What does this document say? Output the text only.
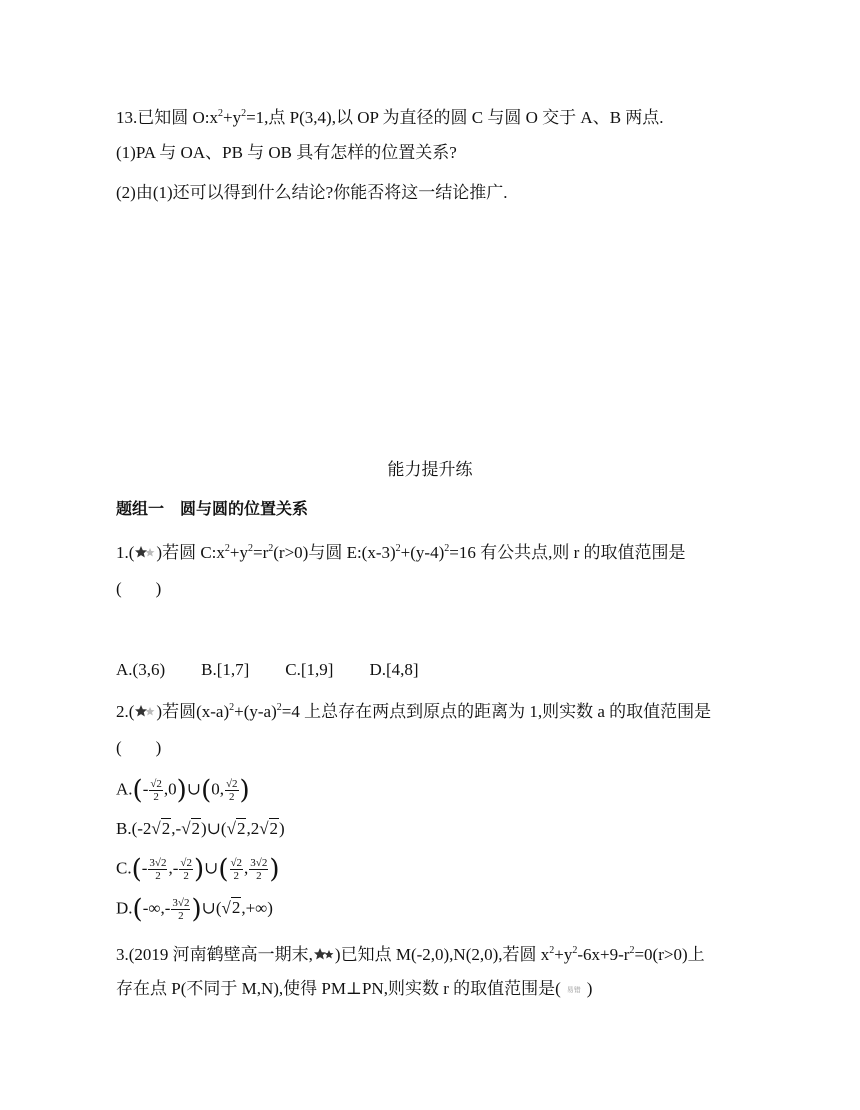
13.已知圆 $O:x^2+y^2=1$,点 P(3,4),以 OP 为直径的圆 C 与圆 O 交于 A、B 两点.
(1)PA 与 OA、PB 与 OB 具有怎样的位置关系?
(2)由(1)还可以得到什么结论?你能否将这一结论推广.
能力提升练
题组一　圆与圆的位置关系
1.( )若圆 $C:x^2+y^2=r^2(r>0)$与圆 $E:(x-3)^2+(y-4)^2=16$ 有公共点,则 r 的取值范围是
(　　)
A.(3,6) B.[1,7] C.[1,9] D.[4,8]
2.( )若圆$(x-a)^2+(y-a)^2=4$ 上总存在两点到原点的距离为 1,则实数 a 的取值范围是
(　　)
$A.(- \frac{√2}{2}$ ,0)∪(0, $\frac{√2}{2}$ )
B.(-2√2,-√2)∪(√2,2√2)
$C.(- \frac{3√2}{2}$ ,- $\frac{√2}{2}$ )∪( $\frac{√2}{2}$ , $\frac{3√2}{2}$ )
$D.(-\infty,- \frac{3√2}{2}$ )∪(√2,+∞)
3.(2019 河南鹤壁高一期末, )已知点 M(-2,0),N(2,0),若圆 $x^2+y^2-6x+9-r^2=0(r>0)$上
存在点 P(不同于 M,N),使得 PM⊥PN,则实数 r 的取值范围是( 易错 )
